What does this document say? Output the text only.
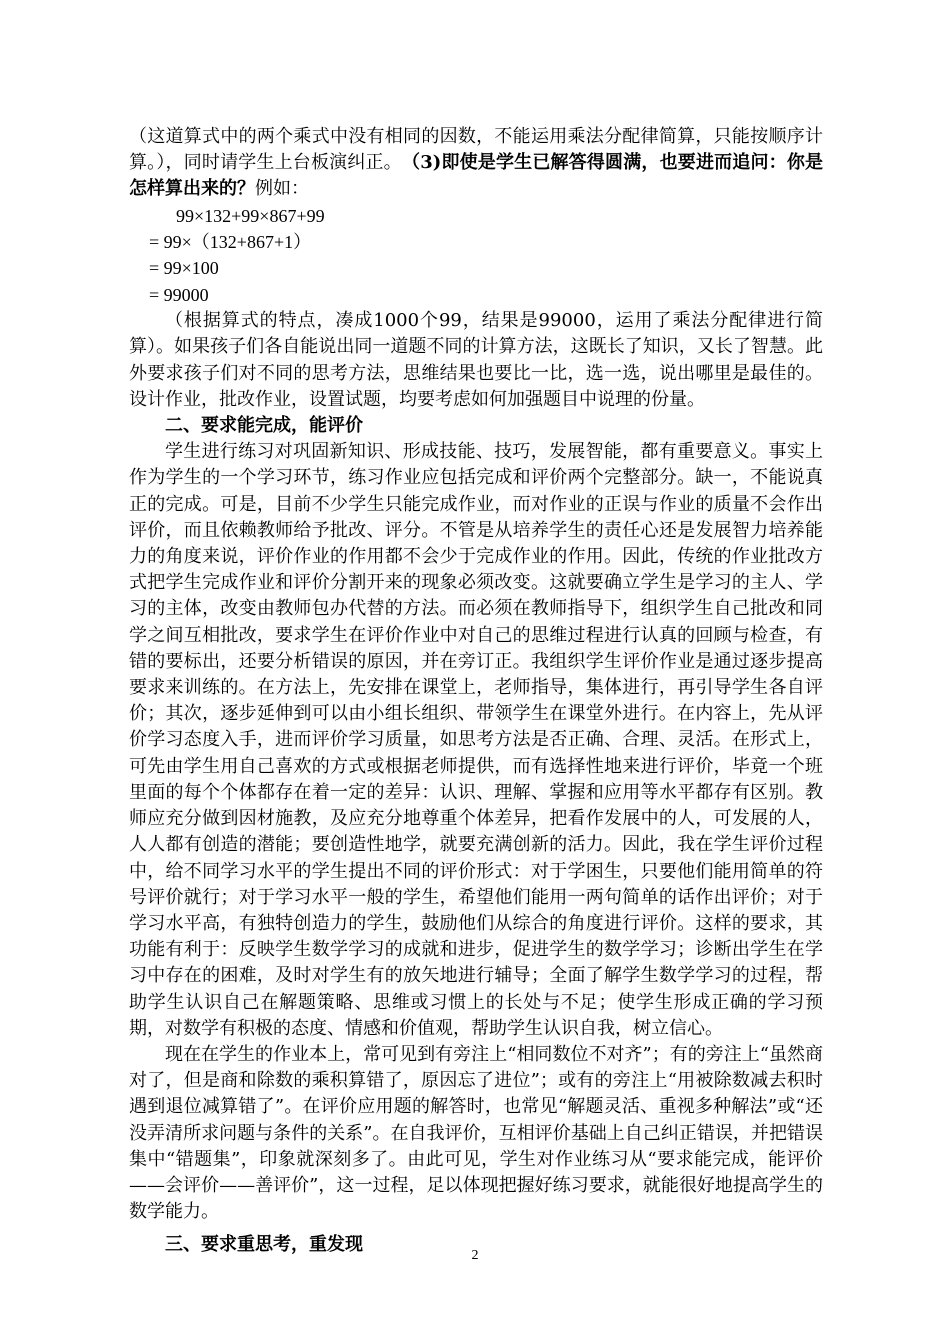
（这道算式中的两个乘式中没有相同的因数，不能运用乘法分配律简算，只能按顺序计算。），同时请学生上台板演纠正。　 （3)即使是学生已解答得圆满，也要进而追问：你是怎样算出来的？例如：

99×132+99×867+99

= 99×（132+867+1）

= 99×100

= 99000

（根据算式的特点，凑成1000个99，结果是99000，运用了乘法分配律进行简算）。如果孩子们各自能说出同一道题不同的计算方法，这既长了知识，又长了智慧。此外要求孩子们对不同的思考方法，思维结果也要比一比，选一选，说出哪里是最佳的。设计作业，批改作业，设置试题，均要考虑如何加强题目中说理的份量。

二、要求能完成，能评价

学生进行练习对巩固新知识、形成技能、技巧，发展智能，都有重要意义。事实上作为学生的一个学习环节，练习作业应包括完成和评价两个完整部分。缺一，不能说真正的完成。可是，目前不少学生只能完成作业，而对作业的正误与作业的质量不会作出评价，而且依赖教师给予批改、评分。不管是从培养学生的责任心还是发展智力培养能力的角度来说，评价作业的作用都不会少于完成作业的作用。因此，传统的作业批改方式把学生完成作业和评价分割开来的现象必须改变。这就要确立学生是学习的主人、学习的主体，改变由教师包办代替的方法。而必须在教师指导下，组织学生自己批改和同学之间互相批改，要求学生在评价作业中对自己的思维过程进行认真的回顾与检查，有错的要标出，还要分析错误的原因，并在旁订正。我组织学生评价作业是通过逐步提高要求来训练的。在方法上，先安排在课堂上，老师指导，集体进行，再引导学生各自评价；其次，逐步延伸到可以由小组长组织、带领学生在课堂外进行。在内容上，先从评价学习态度入手，进而评价学习质量，如思考方法是否正确、合理、灵活。在形式上，可先由学生用自己喜欢的方式或根据老师提供，而有选择性地来进行评价，毕竟一个班里面的每个个体都存在着一定的差异：认识、理解、掌握和应用等水平都存有区别。教师应充分做到因材施教，及应充分地尊重个体差异，把看作发展中的人，可发展的人，人人都有创造的潜能；要创造性地学，就要充满创新的活力。因此，我在学生评价过程中，给不同学习水平的学生提出不同的评价形式：对于学困生，只要他们能用简单的符号评价就行；对于学习水平一般的学生，希望他们能用一两句简单的话作出评价；对于学习水平高，有独特创造力的学生，鼓励他们从综合的角度进行评价。这样的要求，其功能有利于：反映学生数学学习的成就和进步，促进学生的数学学习；诊断出学生在学习中存在的困难，及时对学生有的放矢地进行辅导；全面了解学生数学学习的过程，帮助学生认识自己在解题策略、思维或习惯上的长处与不足；使学生形成正确的学习预期，对数学有积极的态度、情感和价值观，帮助学生认识自我，树立信心。

现在在学生的作业本上，常可见到有旁注上“相同数位不对齐”；有的旁注上“虽然商对了，但是商和除数的乘积算错了，原因忘了进位”；或有的旁注上“用被除数减去积时遇到退位减算错了”。在评价应用题的解答时，也常见“解题灵活、重视多种解法”或“还没弄清所求问题与条件的关系”。在自我评价，互相评价基础上自己纠正错误，并把错误集中“错题集”，印象就深刻多了。由此可见，学生对作业练习从“要求能完成，能评价——会评价——善评价”，这一过程，足以体现把握好练习要求，就能很好地提高学生的数学能力。

三、要求重思考，重发现

2
